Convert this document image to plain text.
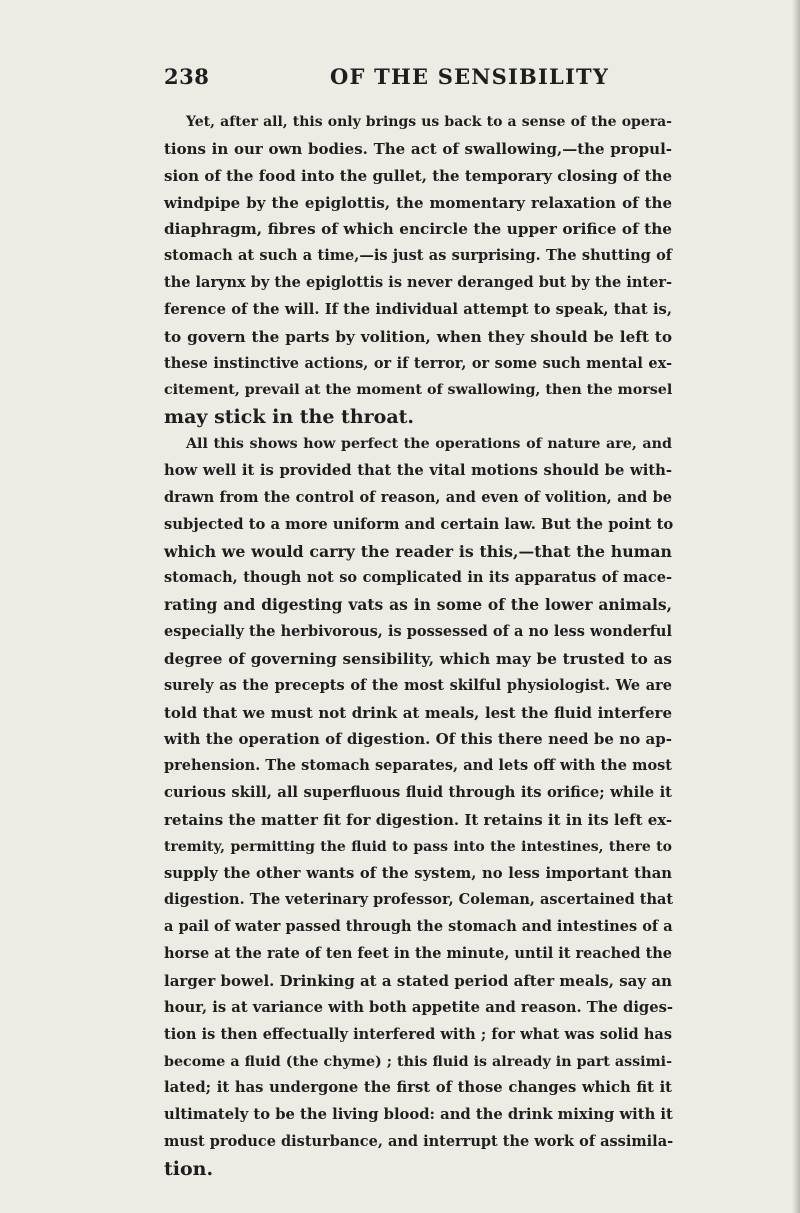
238	OF THE SENSIBILITY
Yet, after all, this only brings us back to a sense of the opera-
tions in our own bodies. The act of swallowing,—the propul-
sion of the food into the gullet, the temporary closing of the
windpipe by the epiglottis, the momentary relaxation of the
diaphragm, fibres of which encircle the upper orifice of the
stomach at such a time,—is just as surprising. The shutting of
the larynx by the epiglottis is never deranged but by the inter-
ference of the will. If the individual attempt to speak, that is,
to govern the parts by volition, when they should be left to
these instinctive actions, or if terror, or some such mental ex-
citement, prevail at the moment of swallowing, then the morsel
may stick in the throat.
All this shows how perfect the operations of nature are, and
how well it is provided that the vital motions should be with-
drawn from the control of reason, and even of volition, and be
subjected to a more uniform and certain law. But the point to
which we would carry the reader is this,—that the human
stomach, though not so complicated in its apparatus of mace-
rating and digesting vats as in some of the lower animals,
especially the herbivorous, is possessed of a no less wonderful
degree of governing sensibility, which may be trusted to as
surely as the precepts of the most skilful physiologist. We are
told that we must not drink at meals, lest the fluid interfere
with the operation of digestion. Of this there need be no ap-
prehension. The stomach separates, and lets off with the most
curious skill, all superfluous fluid through its orifice; while it
retains the matter fit for digestion. It retains it in its left ex-
tremity, permitting the fluid to pass into the intestines, there to
supply the other wants of the system, no less important than
digestion. The veterinary professor, Coleman, ascertained that
a pail of water passed through the stomach and intestines of a
horse at the rate of ten feet in the minute, until it reached the
larger bowel. Drinking at a stated period after meals, say an
hour, is at variance with both appetite and reason. The diges-
tion is then effectually interfered with ; for what was solid has
become a fluid (the chyme) ; this fluid is already in part assimi-
lated; it has undergone the first of those changes which fit it
ultimately to be the living blood: and the drink mixing with it
must produce disturbance, and interrupt the work of assimila-
tion.
